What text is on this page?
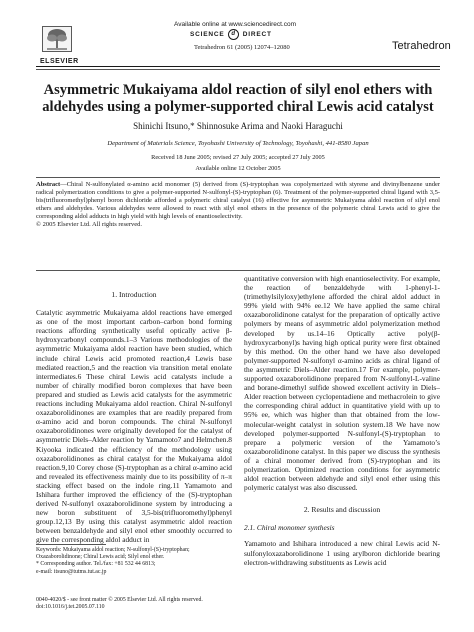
ELSEVIER
Available online at www.sciencedirect.com
SCIENCE d DIRECT
Tetrahedron 61 (2005) 12074–12080	Tetrahedron
Asymmetric Mukaiyama aldol reaction of silyl enol ethers with aldehydes using a polymer-supported chiral Lewis acid catalyst
Shinichi Itsuno,* Shinnosuke Arima and Naoki Haraguchi
Department of Materials Science, Toyohashi University of Technology, Toyohashi, 441-8580 Japan
Received 18 June 2005; revised 27 July 2005; accepted 27 July 2005
Available online 12 October 2005
Abstract—Chiral N-sulfonylated α-amino acid monomer (5) derived from (S)-tryptophan was copolymerized with styrene and divinylbenzene under radical polymerization conditions to give a polymer-supported N-sulfonyl-(S)-tryptophan (6). Treatment of the polymer-supported chiral ligand with 3,5-bis(trifluoromethyl)phenyl boron dichloride afforded a polymeric chiral catalyst (16) effective for asymmetric Mukaiyama aldol reaction of silyl enol ethers and aldehydes. Various aldehydes were allowed to react with silyl enol ethers in the presence of the polymeric chiral Lewis acid to give the corresponding aldol adducts in high yield with high levels of enantioselectivity.
© 2005 Elsevier Ltd. All rights reserved.
1. Introduction

Catalytic asymmetric Mukaiyama aldol reactions have emerged as one of the most important carbon–carbon bond forming reactions affording synthetically useful optically active β-hydroxycarbonyl compounds.1–3 Various methodologies of the asymmetric Mukaiyama aldol reaction have been studied, which include chiral Lewis acid promoted reaction,4 Lewis base mediated reaction,5 and the reaction via transition metal enolate intermediates.6 These chiral Lewis acid catalysts include a number of chirally modified boron complexes that have been prepared and studied as Lewis acid catalysts for the asymmetric reactions including Mukaiyama aldol reaction. Chiral N-sulfonyl oxazaborolidinones are examples that are readily prepared from α-amino acid and boron compounds. The chiral N-sulfonyl oxazaborolidinones were originally developed for the catalyst of asymmetric Diels–Alder reaction by Yamamoto7 and Helmchen.8 Kiyooka indicated the efficiency of the methodology using oxazaborolidinones as chiral catalyst for the Mukaiyama aldol reaction.9,10 Corey chose (S)-tryptophan as a chiral α-amino acid and revealed its effectiveness mainly due to its possibility of π–π stacking effect based on the indole ring.11 Yamamoto and Ishihara further improved the efficiency of the (S)-tryptophan derived N-sulfonyl oxazaborolidinone system by introducing a new boron substituent of 3,5-bis(trifluoromethyl)phenyl group.12,13 By using this catalyst asymmetric aldol reaction between benzaldehyde and silyl enol ether smoothly occurred to give the corresponding aldol adduct in

quantitative conversion with high enantioselectivity. For example, the reaction of benzaldehyde with 1-phenyl-1-(trimethylsilyloxy)ethylene afforded the chiral aldol adduct in 99% yield with 94% ee.12 We have applied the same chiral oxazaborolidinone catalyst for the preparation of optically active polymers by means of asymmetric aldol polymerization method developed by us.14–16 Optically active poly(β-hydroxycarbonyl)s having high optical purity were first obtained by this method. On the other hand we have also developed polymer-supported N-sulfonyl α-amino acids as chiral ligand of the asymmetric Diels–Alder reaction.17 For example, polymer-supported oxazaborolidinone prepared from N-sulfonyl-L-valine and borane-dimethyl sulfide showed excellent activity in Diels–Alder reaction between cyclopentadiene and methacrolein to give the corresponding chiral adduct in quantitative yield with up to 95% ee, which was higher than that obtained from the low-molecular-weight catalyst in solution system.18 We have now developed polymer-supported N-sulfonyl-(S)-tryptophan to prepare a polymeric version of the Yamamoto’s oxazaborolidinone catalyst. In this paper we discuss the synthesis of a chiral monomer derived from (S)-tryptophan and its polymerization. Optimized reaction conditions for asymmetric aldol reaction between aldehyde and silyl enol ether using this polymeric catalyst was also discussed.

2. Results and discussion
2.1. Chiral monomer synthesis

Yamamoto and Ishihara introduced a new chiral Lewis acid N-sulfonyloxazaborolidinone 1 using arylboron dichloride bearing electron-withdrawing substituents as Lewis acid

Keywords: Mukaiyama aldol reaction; N-sulfonyl-(S)-tryptophan; Oxazaborolidinone; Chiral Lewis acid; Silyl enol ether.
* Corresponding author. Tel./fax: +81 532 44 6813;
e-mail: itsuno@tutms.tut.ac.jp
0040-4020/$ - see front matter © 2005 Elsevier Ltd. All rights reserved.
doi:10.1016/j.tet.2005.07.110
